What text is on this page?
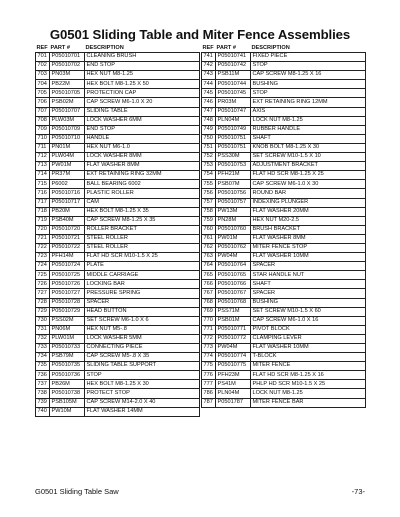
G0501 Sliding Table and Miter Fence Assemblies
REF	PART #	DESCRIPTION
701	P05010701	CLEANING BRUSH
702	P05010702	END STOP
703	PN03M	HEX NUT M8-1.25
704	PB22M	HEX BOLT M8-1.25 X 50
705	P05010705	PROTECTION CAP
706	PSB02M	CAP SCREW M6-1.0 X 20
707	P05010707	SLIDING TABLE
708	PLW03M	LOCK WASHER 6MM
709	P05010709	END STOP
710	P05010710	HANDLE
711	PN01M	HEX NUT M6-1.0
712	PLW04M	LOCK WASHER 8MM
713	PW01M	FLAT WASHER 8MM
714	PR37M	EXT RETAINING RING 32MM
715	P6002	BALL BEARING 6002
716	P05010716	PLASTIC ROLLER
717	P05010717	CAM
718	PB20M	HEX BOLT M8-1.25 X 35
719	PSB40M	CAP SCREW M8-1.25 X 35
720	P05010720	ROLLER BRACKET
721	P05010721	STEEL ROLLER
722	P05010722	STEEL ROLLER
723	PFH14M	FLAT HD SCR M10-1.5 X 25
724	P05010724	PLATE
725	P05010725	MIDDLE CARRIAGE
726	P05010726	LOCKING BAR
727	P05010727	PRESSURE SPRING
728	P05010728	SPACER
729	P05010729	HEAD BUTTON
730	PSS02M	SET SCREW M6-1.0 X 6
731	PN06M	HEX NUT M5-.8
732	PLW01M	LOCK WASHER 5MM
733	P05010733	CONNECTING PIECE
734	PSB79M	CAP SCREW M5-.8 X 35
735	P05010735	SLIDING TABLE SUPPORT
736	P05010736	STOP
737	PB26M	HEX BOLT M8-1.25 X 30
738	P05010738	PROTECT STOP
739	PSB105M	CAP SCREW M14-2.0 X 40
740	PW10M	FLAT WASHER 14MM
REF	PART #	DESCRIPTION
741	P05010741	FIXED PIECE
742	P05010742	STOP
743	PSB11M	CAP SCREW M8-1.25 X 16
744	P05010744	BUSHING
745	P05010745	STOP
746	PR03M	EXT RETAINING RING 12MM
747	P05010747	AXIS
748	PLN04M	LOCK NUT M8-1.25
749	P05010749	RUBBER HANDLE
750	P05010751	SHAFT
751	P05010751	KNOB BOLT M8-1.25 X 30
752	PSS30M	SET SCREW M10-1.5 X 10
753	P05010753	ADJUSTMENT BRACKET
754	PFH21M	FLAT HD SCR M8-1.25 X 25
755	PSB07M	CAP SCREW M6-1.0 X 30
756	P05010756	ROUND BAR
757	P05010757	INDEXING PLUNGER
758	PW13M	FLAT WASHER 20MM
759	PN28M	HEX NUT M20-2.5
760	P05010760	BRUSH BRACKET
761	PW01M	FLAT WASHER 8MM
762	P05010762	MITER FENCE STOP
763	PW04M	FLAT WASHER 10MM
764	P05010764	SPACER
765	P05010765	STAR HANDLE NUT
766	P05010766	SHAFT
767	P05010767	SPACER
768	P05010768	BUSHING
769	PSS71M	SET SCREW M10-1.5 X 60
770	PSB01M	CAP SCREW M6-1.0 X 16
771	P05010771	PIVOT BLOCK
772	P05010772	CLAMPING LEVER
773	PW04M	FLAT WASHER 10MM
774	P05010774	T-BLOCK
775	P05010775	MITER FENCE
776	PFH23M	FLAT HD SCR M8-1.25 X 16
777	PS41M	PHLP HD SCR M10-1.5 X 25
786	PLN04M	LOCK NUT M8-1.25
787	P0501787	MITER FENCE BAR
G0501 Sliding Table Saw	-73-
